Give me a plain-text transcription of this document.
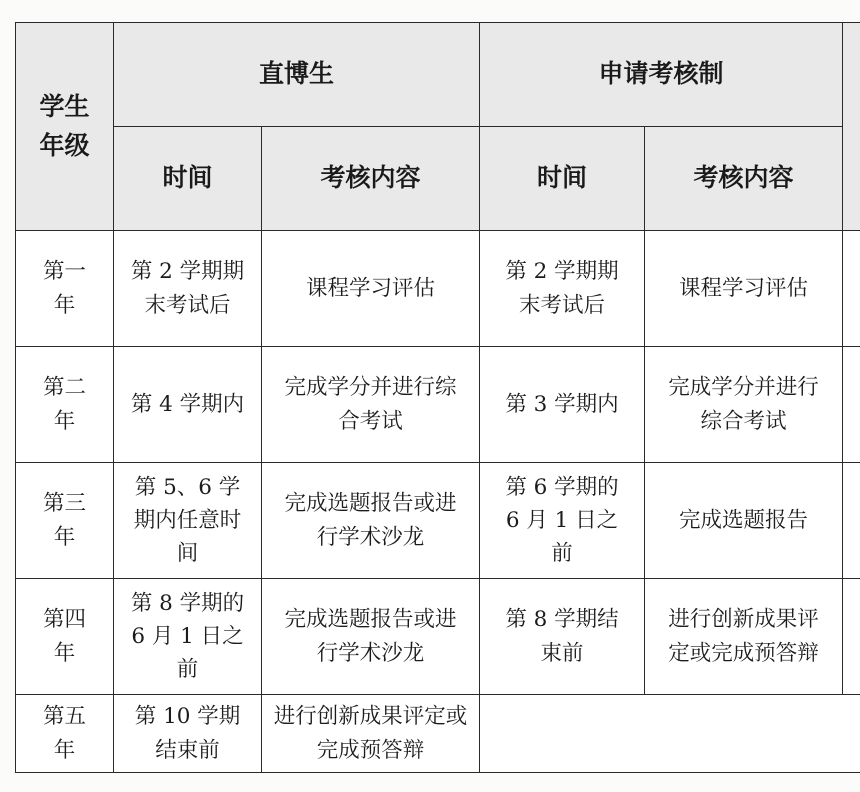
学生年级	直博生		申请考核制		
	时间	考核内容	时间	考核内容	
第一年	第 2 学期期末考试后	课程学习评估	第 2 学期期末考试后	课程学习评估	
第二年	第 4 学期内	完成学分并进行综合考试	第 3 学期内	完成学分并进行综合考试	
第三年	第 5、6 学期内任意时间	完成选题报告或进行学术沙龙	第 6 学期的 6 月 1 日之前	完成选题报告	
第四年	第 8 学期的 6 月 1 日之前	完成选题报告或进行学术沙龙	第 8 学期结束前	进行创新成果评定或完成预答辩	
第五年	第 10 学期结束前	进行创新成果评定或完成预答辩			
